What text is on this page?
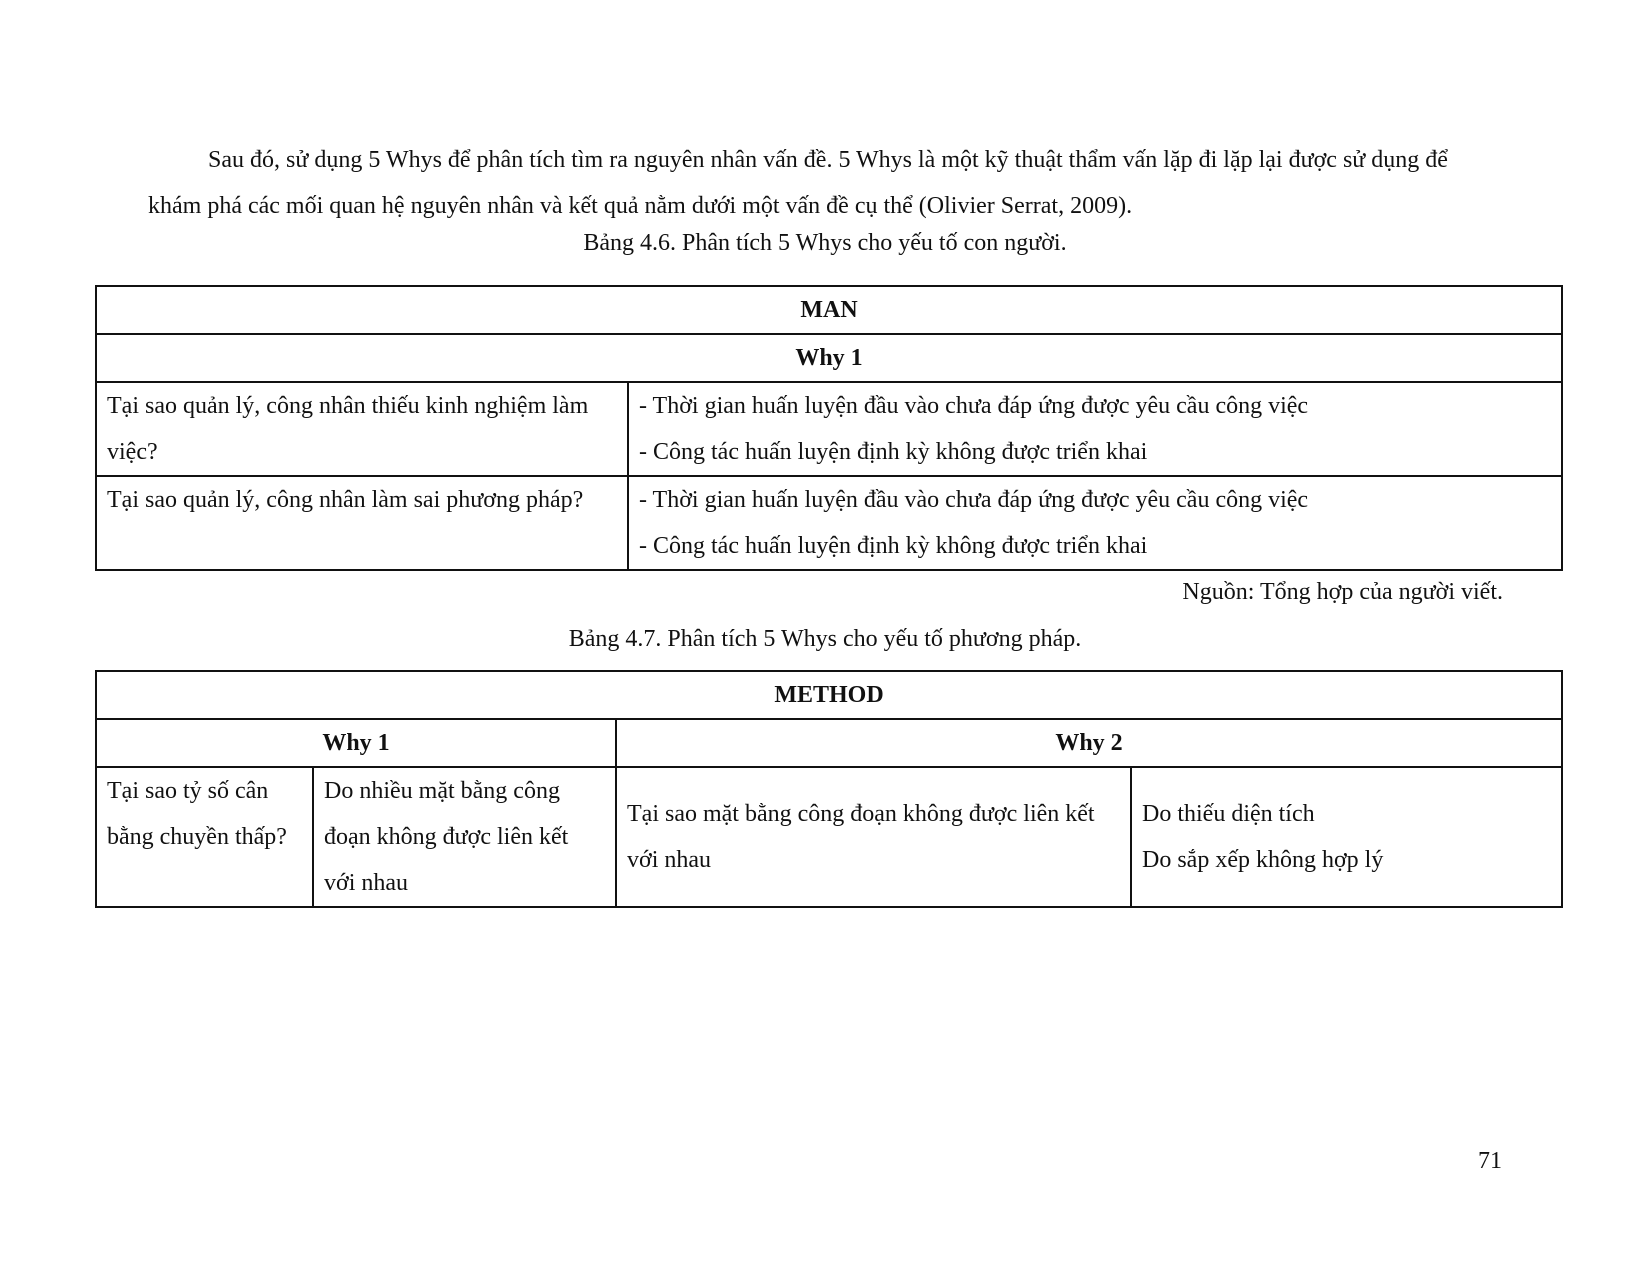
Sau đó, sử dụng 5 Whys để phân tích tìm ra nguyên nhân vấn đề. 5 Whys là một kỹ thuật thẩm vấn lặp đi lặp lại được sử dụng để khám phá các mối quan hệ nguyên nhân và kết quả nằm dưới một vấn đề cụ thể (Olivier Serrat, 2009).

Bảng 4.6. Phân tích 5 Whys cho yếu tố con người.

MAN	
Why 1	
Tại sao quản lý, công nhân thiếu kinh nghiệm làm việc?	- Thời gian huấn luyện đầu vào chưa đáp ứng được yêu cầu công việc
- Công tác huấn luyện định kỳ không được triển khai

Tại sao quản lý, công nhân làm sai phương pháp?	- Thời gian huấn luyện đầu vào chưa đáp ứng được yêu cầu công việc
- Công tác huấn luyện định kỳ không được triển khai

Nguồn: Tổng hợp của người viết.

Bảng 4.7. Phân tích 5 Whys cho yếu tố phương pháp.

METHOD			
Why 1		Why 2	
Tại sao tỷ số cân bằng chuyền thấp?	Do nhiều mặt bằng công đoạn không được liên kết với nhau	Tại sao mặt bằng công đoạn không được liên kết với nhau	Do thiếu diện tích
Do sắp xếp không hợp lý

71
